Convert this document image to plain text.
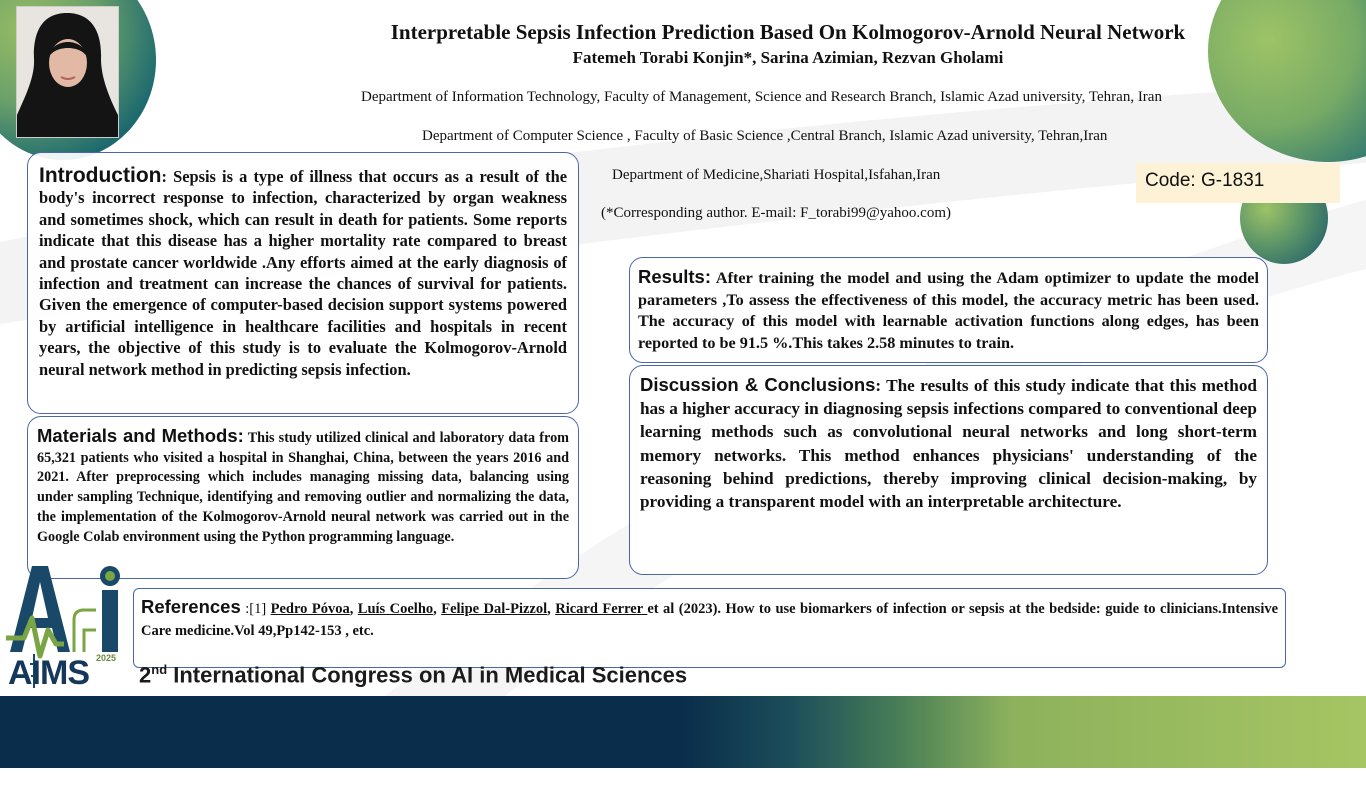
Interpretable Sepsis Infection Prediction Based On Kolmogorov-Arnold Neural Network
Fatemeh Torabi Konjin*, Sarina Azimian, Rezvan Gholami
Department of Information Technology, Faculty of Management, Science and Research Branch, Islamic Azad university, Tehran, Iran
Department of Computer Science , Faculty of Basic Science ,Central Branch, Islamic Azad university, Tehran,Iran
Department of Medicine,Shariati Hospital,Isfahan,Iran
(*Corresponding author. E-mail: F_torabi99@yahoo.com)
Code: G-1831

Introduction: Sepsis is a type of illness that occurs as a result of the body's incorrect response to infection, characterized by organ weakness and sometimes shock, which can result in death for patients. Some reports indicate that this disease has a higher mortality rate compared to breast and prostate cancer worldwide .Any efforts aimed at the early diagnosis of infection and treatment can increase the chances of survival for patients. Given the emergence of computer-based decision support systems powered by artificial intelligence in healthcare facilities and hospitals in recent years, the objective of this study is to evaluate the Kolmogorov-Arnold neural network method in predicting sepsis infection.

Materials and Methods: This study utilized clinical and laboratory data from 65,321 patients who visited a hospital in Shanghai, China, between the years 2016 and 2021. After preprocessing which includes managing missing data, balancing using under sampling Technique, identifying and removing outlier and normalizing the data, the implementation of the Kolmogorov-Arnold neural network was carried out in the Google Colab environment using the Python programming language.

Results: After training the model and using the Adam optimizer to update the model parameters ,To assess the effectiveness of this model, the accuracy metric has been used. The accuracy of this model with learnable activation functions along edges, has been reported to be 91.5 %.This takes 2.58 minutes to train.

Discussion & Conclusions: The results of this study indicate that this method has a higher accuracy in diagnosing sepsis infections compared to conventional deep learning methods such as convolutional neural networks and long short-term memory networks. This method enhances physicians' understanding of the reasoning behind predictions, thereby improving clinical decision-making, by providing a transparent model with an interpretable architecture.

References :[1] Pedro Póvoa, Luís Coelho, Felipe Dal-Pizzol, Ricard Ferrer et al (2023). How to use biomarkers of infection or sepsis at the bedside: guide to clinicians.Intensive Care medicine.Vol 49,Pp142-153 , etc.

AIMS 2025
2nd International Congress on AI in Medical Sciences
